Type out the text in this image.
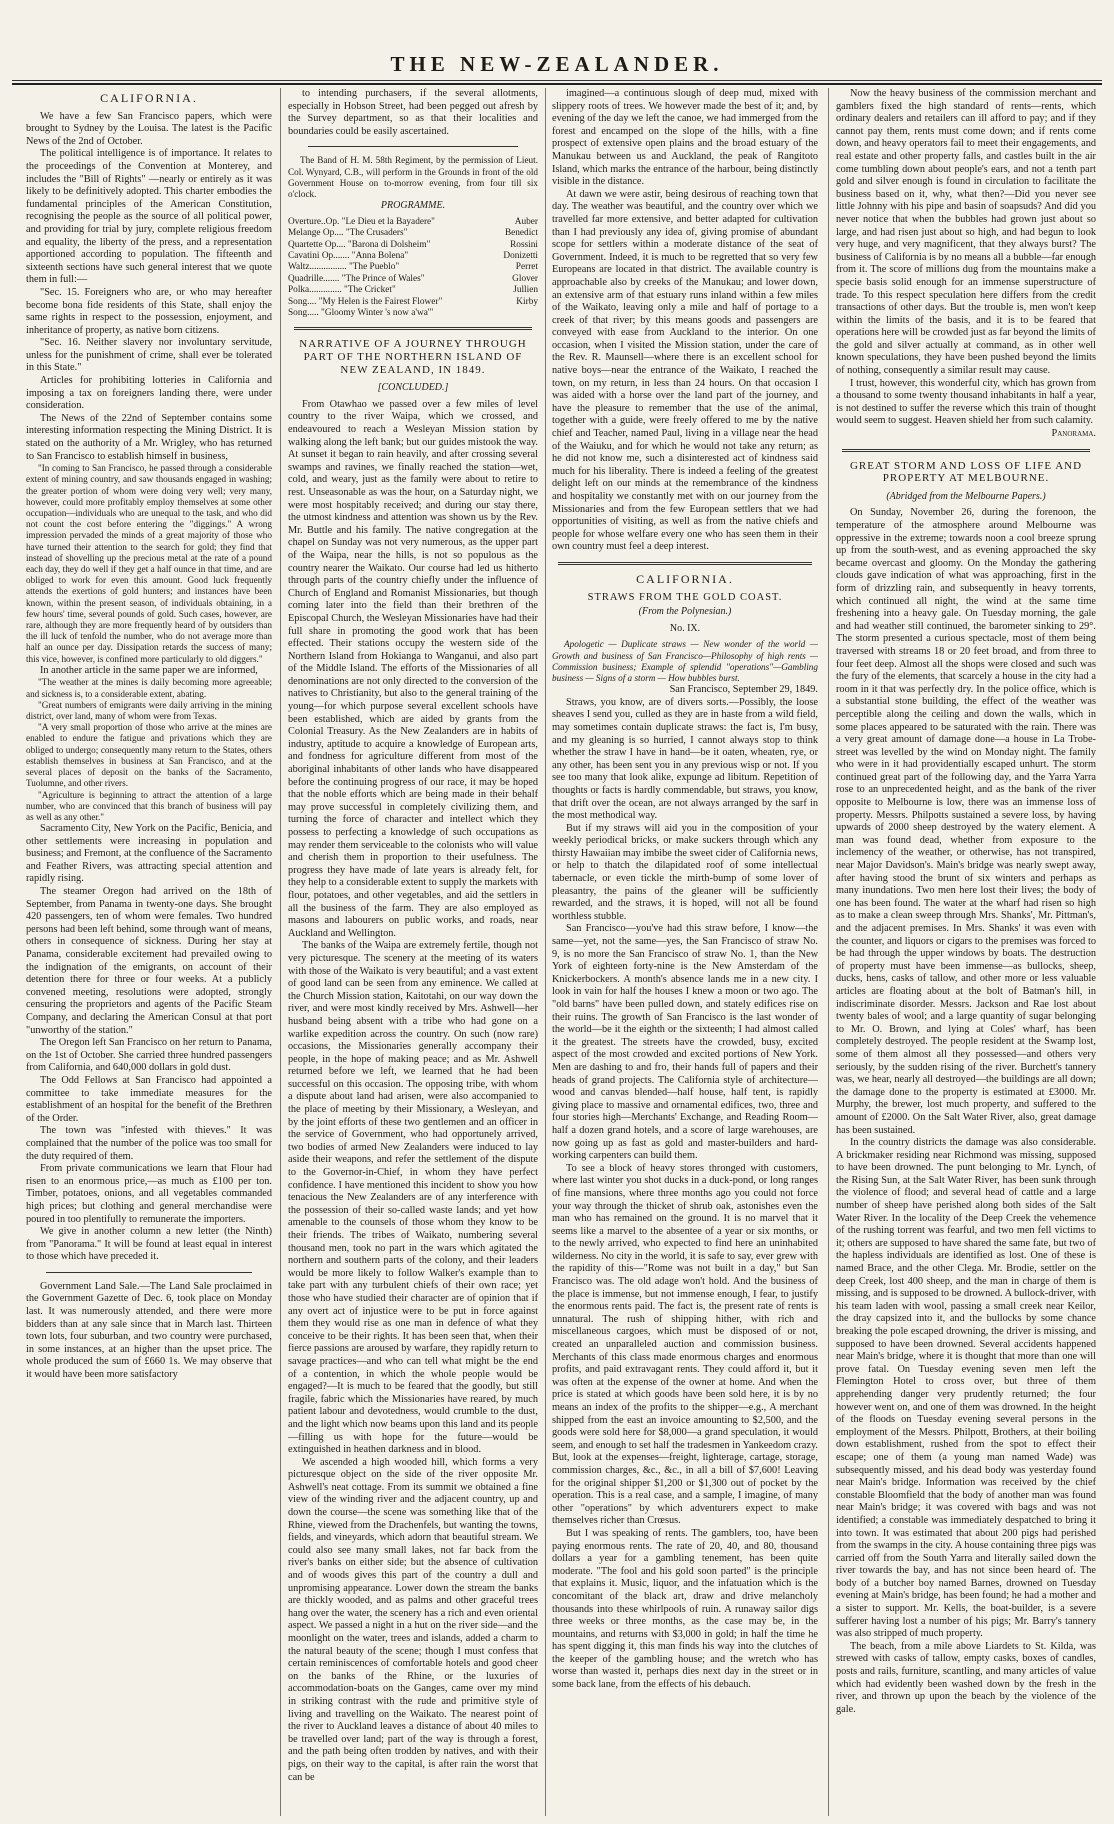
THE NEW-ZEALANDER.
CALIFORNIA.

We have a few San Francisco papers, which were brought to Sydney by the Louisa. The latest is the Pacific News of the 2nd of October.

The political intelligence is of importance. It relates to the proceedings of the Convention at Monterey, and includes the "Bill of Rights" —nearly or entirely as it was likely to be definitively adopted. This charter embodies the fundamental principles of the American Constitution, recognising the people as the source of all political power, and providing for trial by jury, complete religious freedom and equality, the liberty of the press, and a representation apportioned according to population. The fifteenth and sixteenth sections have such general interest that we quote them in full:—

"Sec. 15. Foreigners who are, or who may hereafter become bona fide residents of this State, shall enjoy the same rights in respect to the possession, enjoyment, and inheritance of property, as native born citizens.

"Sec. 16. Neither slavery nor involuntary servitude, unless for the punishment of crime, shall ever be tolerated in this State."

Articles for prohibiting lotteries in California and imposing a tax on foreigners landing there, were under consideration.

The News of the 22nd of September contains some interesting information respecting the Mining District. It is stated on the authority of a Mr. Wrigley, who has returned to San Francisco to establish himself in business,

"In coming to San Francisco, he passed through a considerable extent of mining country, and saw thousands engaged in washing; the greater portion of whom were doing very well; very many, however, could more profitably employ themselves at some other occupation—individuals who are unequal to the task, and who did not count the cost before entering the "diggings." A wrong impression pervaded the minds of a great majority of those who have turned their attention to the search for gold; they find that instead of shovelling up the precious metal at the rate of a pound each day, they do well if they get a half ounce in that time, and are obliged to work for even this amount. Good luck frequently attends the exertions of gold hunters; and instances have been known, within the present season, of individuals obtaining, in a few hours' time, several pounds of gold. Such cases, however, are rare, although they are more frequently heard of by outsiders than the ill luck of tenfold the number, who do not average more than half an ounce per day. Dissipation retards the success of many; this vice, however, is confined more particularly to old diggers."

In another article in the same paper we are informed,

"The weather at the mines is daily becoming more agreeable; and sickness is, to a considerable extent, abating.

"Great numbers of emigrants were daily arriving in the mining district, over land, many of whom were from Texas.

"A very small proportion of those who arrive at the mines are enabled to endure the fatigue and privations which they are obliged to undergo; consequently many return to the States, others establish themselves in business at San Francisco, and at the several places of deposit on the banks of the Sacramento, Tuolumne, and other rivers.

"Agriculture is beginning to attract the attention of a large number, who are convinced that this branch of business will pay as well as any other."

Sacramento City, New York on the Pacific, Benicia, and other settlements were increasing in population and business; and Fremont, at the confluence of the Sacramento and Feather Rivers, was attracting special attention and rapidly rising.

The steamer Oregon had arrived on the 18th of September, from Panama in twenty-one days. She brought 420 passengers, ten of whom were females. Two hundred persons had been left behind, some through want of means, others in consequence of sickness. During her stay at Panama, considerable excitement had prevailed owing to the indignation of the emigrants, on account of their detention there for three or four weeks. At a publicly convened meeting, resolutions were adopted, strongly censuring the proprietors and agents of the Pacific Steam Company, and declaring the American Consul at that port "unworthy of the station."

The Oregon left San Francisco on her return to Panama, on the 1st of October. She carried three hundred passengers from California, and 640,000 dollars in gold dust.

The Odd Fellows at San Francisco had appointed a committee to take immediate measures for the establishment of an hospital for the benefit of the Brethren of the Order.

The town was "infested with thieves." It was complained that the number of the police was too small for the duty required of them.

From private communications we learn that Flour had risen to an enormous price,—as much as £100 per ton. Timber, potatoes, onions, and all vegetables commanded high prices; but clothing and general merchandise were poured in too plentifully to remunerate the importers.

We give in another column a new letter (the Ninth) from "Panorama." It will be found at least equal in interest to those which have preceded it.

Government Land Sale.—The Land Sale proclaimed in the Government Gazette of Dec. 6, took place on Monday last. It was numerously attended, and there were more bidders than at any sale since that in March last. Thirteen town lots, four suburban, and two country were purchased, in some instances, at an higher than the upset price. The whole produced the sum of £660 1s. We may observe that it would have been more satisfactory

to intending purchasers, if the several allotments, especially in Hobson Street, had been pegged out afresh by the Survey department, so as that their localities and boundaries could be easily ascertained.

The Band of H. M. 58th Regiment, by the permission of Lieut. Col. Wynyard, C.B., will perform in the Grounds in front of the old Government House on to-morrow evening, from four till six o'clock.

PROGRAMME.
Overture..Op. "Le Dieu et la Bayadere"	Auber
Melange Op.... "The Crusaders"	Benedict
Quartette Op.... "Barona di Dolsheim"	Rossini
Cavatini Op....... "Anna Bolena"	Donizetti
Waltz................ "The Pueblo"	Perret
Quadrille....... "The Prince of Wales"	Glover
Polka.............. "The Cricket"	Jullien
Song.... "My Helen is the Fairest Flower"	Kirby
Song..... "Gloomy Winter 's now a'wa'"
NARRATIVE OF A JOURNEY THROUGH PART OF THE NORTHERN ISLAND OF NEW ZEALAND, IN 1849.
[CONCLUDED.]

From Otawhao we passed over a few miles of level country to the river Waipa, which we crossed, and endeavoured to reach a Wesleyan Mission station by walking along the left bank; but our guides mistook the way. At sunset it began to rain heavily, and after crossing several swamps and ravines, we finally reached the station—wet, cold, and weary, just as the family were about to retire to rest. Unseasonable as was the hour, on a Saturday night, we were most hospitably received; and during our stay there, the utmost kindness and attention was shown us by the Rev. Mr. Buttle and his family. The native congregation at the chapel on Sunday was not very numerous, as the upper part of the Waipa, near the hills, is not so populous as the country nearer the Waikato. Our course had led us hitherto through parts of the country chiefly under the influence of Church of England and Romanist Missionaries, but though coming later into the field than their brethren of the Episcopal Church, the Wesleyan Missionaries have had their full share in promoting the good work that has been effected. Their stations occupy the western side of the Northern Island from Hokianga to Wanganui, and also part of the Middle Island. The efforts of the Missionaries of all denominations are not only directed to the conversion of the natives to Christianity, but also to the general training of the young—for which purpose several excellent schools have been established, which are aided by grants from the Colonial Treasury. As the New Zealanders are in habits of industry, aptitude to acquire a knowledge of European arts, and fondness for agriculture different from most of the aboriginal inhabitants of other lands who have disappeared before the continuing progress of our race, it may be hoped that the noble efforts which are being made in their behalf may prove successful in completely civilizing them, and turning the force of character and intellect which they possess to perfecting a knowledge of such occupations as may render them serviceable to the colonists who will value and cherish them in proportion to their usefulness. The progress they have made of late years is already felt, for they help to a considerable extent to supply the markets with flour, potatoes, and other vegetables, and aid the settlers in all the business of the farm. They are also employed as masons and labourers on public works, and roads, near Auckland and Wellington.

The banks of the Waipa are extremely fertile, though not very picturesque. The scenery at the meeting of its waters with those of the Waikato is very beautiful; and a vast extent of good land can be seen from any eminence. We called at the Church Mission station, Kaitotahi, on our way down the river, and were most kindly received by Mrs. Ashwell—her husband being absent with a tribe who had gone on a warlike expedition across the country. On such (now rare) occasions, the Missionaries generally accompany their people, in the hope of making peace; and as Mr. Ashwell returned before we left, we learned that he had been successful on this occasion. The opposing tribe, with whom a dispute about land had arisen, were also accompanied to the place of meeting by their Missionary, a Wesleyan, and by the joint efforts of these two gentlemen and an officer in the service of Government, who had opportunely arrived, two bodies of armed New Zealanders were induced to lay aside their weapons, and refer the settlement of the dispute to the Governor-in-Chief, in whom they have perfect confidence. I have mentioned this incident to show you how tenacious the New Zealanders are of any interference with the possession of their so-called waste lands; and yet how amenable to the counsels of those whom they know to be their friends. The tribes of Waikato, numbering several thousand men, took no part in the wars which agitated the northern and southern parts of the colony, and their leaders would be more likely to follow Walker's example than to take part with any turbulent chiefs of their own race; yet those who have studied their character are of opinion that if any overt act of injustice were to be put in force against them they would rise as one man in defence of what they conceive to be their rights. It has been seen that, when their fierce passions are aroused by warfare, they rapidly return to savage practices—and who can tell what might be the end of a contention, in which the whole people would be engaged?—It is much to be feared that the goodly, but still fragile, fabric which the Missionaries have reared, by much patient labour and devotedness, would crumble to the dust, and the light which now beams upon this land and its people—filling us with hope for the future—would be extinguished in heathen darkness and in blood.

We ascended a high wooded hill, which forms a very picturesque object on the side of the river opposite Mr. Ashwell's neat cottage. From its summit we obtained a fine view of the winding river and the adjacent country, up and down the course—the scene was something like that of the Rhine, viewed from the Drachenfels, but wanting the towns, fields, and vineyards, which adorn that beautiful stream. We could also see many small lakes, not far back from the river's banks on either side; but the absence of cultivation and of woods gives this part of the country a dull and unpromising appearance. Lower down the stream the banks are thickly wooded, and as palms and other graceful trees hang over the water, the scenery has a rich and even oriental aspect. We passed a night in a hut on the river side—and the moonlight on the water, trees and islands, added a charm to the natural beauty of the scene; though I must confess that certain reminiscences of comfortable hotels and good cheer on the banks of the Rhine, or the luxuries of accommodation-boats on the Ganges, came over my mind in striking contrast with the rude and primitive style of living and travelling on the Waikato. The nearest point of the river to Auckland leaves a distance of about 40 miles to be travelled over land; part of the way is through a forest, and the path being often trodden by natives, and with their pigs, on their way to the capital, is after rain the worst that can be

imagined—a continuous slough of deep mud, mixed with slippery roots of trees. We however made the best of it; and, by evening of the day we left the canoe, we had immerged from the forest and encamped on the slope of the hills, with a fine prospect of extensive open plains and the broad estuary of the Manukau between us and Auckland, the peak of Rangitoto Island, which marks the entrance of the harbour, being distinctly visible in the distance.

At dawn we were astir, being desirous of reaching town that day. The weather was beautiful, and the country over which we travelled far more extensive, and better adapted for cultivation than I had previously any idea of, giving promise of abundant scope for settlers within a moderate distance of the seat of Government. Indeed, it is much to be regretted that so very few Europeans are located in that district. The available country is approachable also by creeks of the Manukau; and lower down, an extensive arm of that estuary runs inland within a few miles of the Waikato, leaving only a mile and half of portage to a creek of that river; by this means goods and passengers are conveyed with ease from Auckland to the interior. On one occasion, when I visited the Mission station, under the care of the Rev. R. Maunsell—where there is an excellent school for native boys—near the entrance of the Waikato, I reached the town, on my return, in less than 24 hours. On that occasion I was aided with a horse over the land part of the journey, and have the pleasure to remember that the use of the animal, together with a guide, were freely offered to me by the native chief and Teacher, named Paul, living in a village near the head of the Waiuku, and for which he would not take any return; as he did not know me, such a disinterested act of kindness said much for his liberality. There is indeed a feeling of the greatest delight left on our minds at the remembrance of the kindness and hospitality we constantly met with on our journey from the Missionaries and from the few European settlers that we had opportunities of visiting, as well as from the native chiefs and people for whose welfare every one who has seen them in their own country must feel a deep interest.

CALIFORNIA.
STRAWS FROM THE GOLD COAST.
(From the Polynesian.)
No. IX.

Apologetic — Duplicate straws — New wonder of the world — Growth and business of San Francisco—Philosophy of high rents — Commission business; Example of splendid "operations"—Gambling business — Signs of a storm — How bubbles burst.

San Francisco, September 29, 1849.

Straws, you know, are of divers sorts.—Possibly, the loose sheaves I send you, culled as they are in haste from a wild field, may sometimes contain duplicate straws: the fact is, I'm busy, and my gleaning is so hurried, I cannot always stop to think whether the straw I have in hand—be it oaten, wheaten, rye, or any other, has been sent you in any previous wisp or not. If you see too many that look alike, expunge ad libitum. Repetition of thoughts or facts is hardly commendable, but straws, you know, that drift over the ocean, are not always arranged by the sarf in the most methodical way.

But if my straws will aid you in the composition of your weekly periodical bricks, or make suckers through which any thirsty Hawaiian may imbibe the sweet cider of California news, or help to thatch the dilapidated roof of some intellectual tabernacle, or even tickle the mirth-bump of some lover of pleasantry, the pains of the gleaner will be sufficiently rewarded, and the straws, it is hoped, will not all be found worthless stubble.

San Francisco—you've had this straw before, I know—the same—yet, not the same—yes, the San Francisco of straw No. 9, is no more the San Francisco of straw No. 1, than the New York of eighteen forty-nine is the New Amsterdam of the Knickerbockers. A month's absence lands me in a new city. I look in vain for half the houses I knew a moon or two ago. The "old barns" have been pulled down, and stately edifices rise on their ruins. The growth of San Francisco is the last wonder of the world—be it the eighth or the sixteenth; I had almost called it the greatest. The streets have the crowded, busy, excited aspect of the most crowded and excited portions of New York. Men are dashing to and fro, their hands full of papers and their heads of grand projects. The California style of architecture—wood and canvas blended—half house, half tent, is rapidly giving place to massive and ornamental edifices, two, three and four stories high—Merchants' Exchange, and Reading Room—half a dozen grand hotels, and a score of large warehouses, are now going up as fast as gold and master-builders and hard-working carpenters can build them.

To see a block of heavy stores thronged with customers, where last winter you shot ducks in a duck-pond, or long ranges of fine mansions, where three months ago you could not force your way through the thicket of shrub oak, astonishes even the man who has remained on the ground. It is no marvel that it seems like a marvel to the absentee of a year or six months, or to the newly arrived, who expected to find here an uninhabited wilderness. No city in the world, it is safe to say, ever grew with the rapidity of this—"Rome was not built in a day," but San Francisco was. The old adage won't hold. And the business of the place is immense, but not immense enough, I fear, to justify the enormous rents paid. The fact is, the present rate of rents is unnatural. The rush of shipping hither, with rich and miscellaneous cargoes, which must be disposed of or not, created an unparalleled auction and commission business. Merchants of this class made enormous charges and enormous profits, and paid extravagant rents. They could afford it, but it was often at the expense of the owner at home. And when the price is stated at which goods have been sold here, it is by no means an index of the profits to the shipper—e.g., A merchant shipped from the east an invoice amounting to $2,500, and the goods were sold here for $8,000—a grand speculation, it would seem, and enough to set half the tradesmen in Yankeedom crazy. But, look at the expenses—freight, lighterage, cartage, storage, commission charges, &c., &c., in all a bill of $7,600! Leaving for the original shipper $1,200 or $1,300 out of pocket by the operation. This is a real case, and a sample, I imagine, of many other "operations" by which adventurers expect to make themselves richer than Crœsus.

But I was speaking of rents. The gamblers, too, have been paying enormous rents. The rate of 20, 40, and 80, thousand dollars a year for a gambling tenement, has been quite moderate. "The fool and his gold soon parted" is the principle that explains it. Music, liquor, and the infatuation which is the concomitant of the black art, draw and drive melancholy thousands into these whirlpools of ruin. A runaway sailor digs three weeks or three months, as the case may be, in the mountains, and returns with $3,000 in gold; in half the time he has spent digging it, this man finds his way into the clutches of the keeper of the gambling house; and the wretch who has worse than wasted it, perhaps dies next day in the street or in some back lane, from the effects of his debauch.

Now the heavy business of the commission merchant and gamblers fixed the high standard of rents—rents, which ordinary dealers and retailers can ill afford to pay; and if they cannot pay them, rents must come down; and if rents come down, and heavy operators fail to meet their engagements, and real estate and other property falls, and castles built in the air come tumbling down about people's ears, and not a tenth part gold and silver enough is found in circulation to facilitate the business based on it, why, what then?—Did you never see little Johnny with his pipe and basin of soapsuds? And did you never notice that when the bubbles had grown just about so large, and had risen just about so high, and had begun to look very huge, and very magnificent, that they always burst? The business of California is by no means all a bubble—far enough from it. The score of millions dug from the mountains make a specie basis solid enough for an immense superstructure of trade. To this respect speculation here differs from the credit transactions of other days. But the trouble is, men won't keep within the limits of the basis, and it is to be feared that operations here will be crowded just as far beyond the limits of the gold and silver actually at command, as in other well known speculations, they have been pushed beyond the limits of nothing, consequently a similar result may cause.

I trust, however, this wonderful city, which has grown from a thousand to some twenty thousand inhabitants in half a year, is not destined to suffer the reverse which this train of thought would seem to suggest. Heaven shield her from such calamity.

Panorama.

GREAT STORM AND LOSS OF LIFE AND PROPERTY AT MELBOURNE.
(Abridged from the Melbourne Papers.)

On Sunday, November 26, during the forenoon, the temperature of the atmosphere around Melbourne was oppressive in the extreme; towards noon a cool breeze sprung up from the south-west, and as evening approached the sky became overcast and gloomy. On the Monday the gathering clouds gave indication of what was approaching, first in the form of drizzling rain, and subsequently in heavy torrents, which continued all night, the wind at the same time freshening into a heavy gale. On Tuesday morning, the gale and had weather still continued, the barometer sinking to 29°. The storm presented a curious spectacle, most of them being traversed with streams 18 or 20 feet broad, and from three to four feet deep. Almost all the shops were closed and such was the fury of the elements, that scarcely a house in the city had a room in it that was perfectly dry. In the police office, which is a substantial stone building, the effect of the weather was perceptible along the ceiling and down the walls, which in some places appeared to be saturated with the rain. There was a very great amount of damage done—a house in La Trobe-street was levelled by the wind on Monday night. The family who were in it had providentially escaped unhurt. The storm continued great part of the following day, and the Yarra Yarra rose to an unprecedented height, and as the bank of the river opposite to Melbourne is low, there was an immense loss of property. Messrs. Philpotts sustained a severe loss, by having upwards of 2000 sheep destroyed by the watery element. A man was found dead, whether from exposure to the inclemency of the weather, or otherwise, has not transpired, near Major Davidson's. Main's bridge was nearly swept away, after having stood the brunt of six winters and perhaps as many inundations. Two men here lost their lives; the body of one has been found. The water at the wharf had risen so high as to make a clean sweep through Mrs. Shanks', Mr. Pittman's, and the adjacent premises. In Mrs. Shanks' it was even with the counter, and liquors or cigars to the premises was forced to be had through the upper windows by boats. The destruction of property must have been immense—as bullocks, sheep, ducks, hens, casks of tallow, and other more or less valuable articles are floating about at the bolt of Batman's hill, in indiscriminate disorder. Messrs. Jackson and Rae lost about twenty bales of wool; and a large quantity of sugar belonging to Mr. O. Brown, and lying at Coles' wharf, has been completely destroyed. The people resident at the Swamp lost, some of them almost all they possessed—and others very seriously, by the sudden rising of the river. Burchett's tannery was, we hear, nearly all destroyed—the buildings are all down; the damage done to the property is estimated at £3000. Mr. Murphy, the brewer, lost much property, and suffered to the amount of £2000. On the Salt Water River, also, great damage has been sustained.

In the country districts the damage was also considerable. A brickmaker residing near Richmond was missing, supposed to have been drowned. The punt belonging to Mr. Lynch, of the Rising Sun, at the Salt Water River, has been sunk through the violence of flood; and several head of cattle and a large number of sheep have perished along both sides of the Salt Water River. In the locality of the Deep Creek the vehemence of the rushing torrent was fearful, and two men fell victims to it; others are supposed to have shared the same fate, but two of the hapless individuals are identified as lost. One of these is named Brace, and the other Clega. Mr. Brodie, settler on the deep Creek, lost 400 sheep, and the man in charge of them is missing, and is supposed to be drowned. A bullock-driver, with his team laden with wool, passing a small creek near Keilor, the dray capsized into it, and the bullocks by some chance breaking the pole escaped drowning, the driver is missing, and supposed to have been drowned. Several accidents happened near Main's bridge, where it is thought that more than one will prove fatal. On Tuesday evening seven men left the Flemington Hotel to cross over, but three of them apprehending danger very prudently returned; the four however went on, and one of them was drowned. In the height of the floods on Tuesday evening several persons in the employment of the Messrs. Philpott, Brothers, at their boiling down establishment, rushed from the spot to effect their escape; one of them (a young man named Wade) was subsequently missed, and his dead body was yesterday found near Main's bridge. Information was received by the chief constable Bloomfield that the body of another man was found near Main's bridge; it was covered with bags and was not identified; a constable was immediately despatched to bring it into town. It was estimated that about 200 pigs had perished from the swamps in the city. A house containing three pigs was carried off from the South Yarra and literally sailed down the river towards the bay, and has not since been heard of. The body of a butcher boy named Barnes, drowned on Tuesday evening at Main's bridge, has been found; he had a mother and a sister to support. Mr. Kells, the boat-builder, is a severe sufferer having lost a number of his pigs; Mr. Barry's tannery was also stripped of much property.

The beach, from a mile above Liardets to St. Kilda, was strewed with casks of tallow, empty casks, boxes of candles, posts and rails, furniture, scantling, and many articles of value which had evidently been washed down by the fresh in the river, and thrown up upon the beach by the violence of the gale.
